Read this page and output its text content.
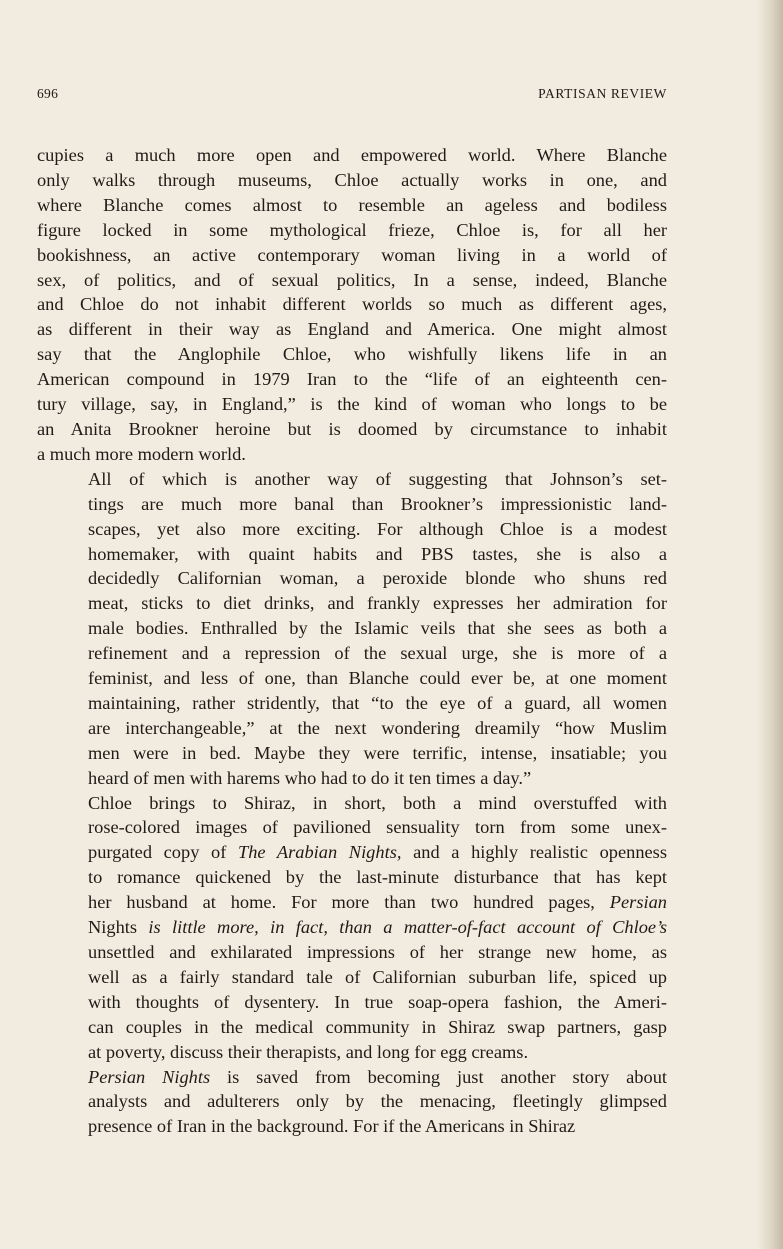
696	PARTISAN REVIEW

cupies a much more open and empowered world. Where Blanche
only walks through museums, Chloe actually works in one, and
where Blanche comes almost to resemble an ageless and bodiless
figure locked in some mythological frieze, Chloe is, for all her
bookishness, an active contemporary woman living in a world of
sex, of politics, and of sexual politics, In a sense, indeed, Blanche
and Chloe do not inhabit different worlds so much as different ages,
as different in their way as England and America. One might almost
say that the Anglophile Chloe, who wishfully likens life in an
American compound in 1979 Iran to the “life of an eighteenth cen-
tury village, say, in England,” is the kind of woman who longs to be
an Anita Brookner heroine but is doomed by circumstance to inhabit
a much more modern world.

All of which is another way of suggesting that Johnson’s set-
tings are much more banal than Brookner’s impressionistic land-
scapes, yet also more exciting. For although Chloe is a modest
homemaker, with quaint habits and PBS tastes, she is also a
decidedly Californian woman, a peroxide blonde who shuns red
meat, sticks to diet drinks, and frankly expresses her admiration for
male bodies. Enthralled by the Islamic veils that she sees as both a
refinement and a repression of the sexual urge, she is more of a
feminist, and less of one, than Blanche could ever be, at one moment
maintaining, rather stridently, that “to the eye of a guard, all women
are interchangeable,” at the next wondering dreamily “how Muslim
men were in bed. Maybe they were terrific, intense, insatiable; you
heard of men with harems who had to do it ten times a day.”

Chloe brings to Shiraz, in short, both a mind overstuffed with
rose-colored images of pavilioned sensuality torn from some unex-
purgated copy of The Arabian Nights, and a highly realistic openness
to romance quickened by the last-minute disturbance that has kept
her husband at home. For more than two hundred pages, Persian
Nights is little more, in fact, than a matter-of-fact account of Chloe’s
unsettled and exhilarated impressions of her strange new home, as
well as a fairly standard tale of Californian suburban life, spiced up
with thoughts of dysentery. In true soap-opera fashion, the Ameri-
can couples in the medical community in Shiraz swap partners, gasp
at poverty, discuss their therapists, and long for egg creams.

Persian Nights is saved from becoming just another story about
analysts and adulterers only by the menacing, fleetingly glimpsed
presence of Iran in the background. For if the Americans in Shiraz
